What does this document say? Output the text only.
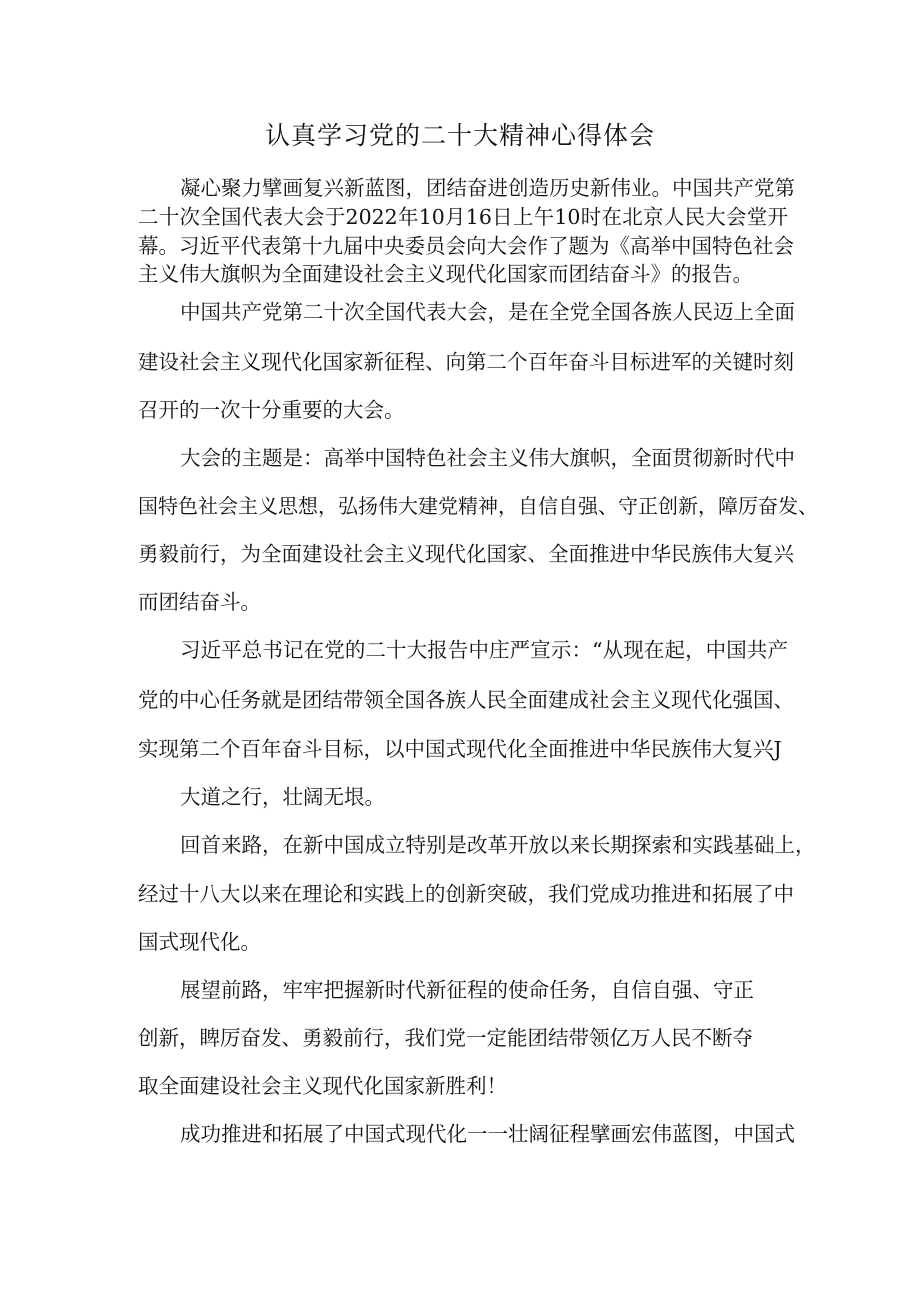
认真学习党的二十大精神心得体会
凝心聚力擘画复兴新蓝图，团结奋进创造历史新伟业。中国共产党第
二十次全国代表大会于2022年10月16日上午10时在北京人民大会堂开
幕。习近平代表第十九届中央委员会向大会作了题为《高举中国特色社会
主义伟大旗帜为全面建设社会主义现代化国家而团结奋斗》的报告。
中国共产党第二十次全国代表大会，是在全党全国各族人民迈上全面
建设社会主义现代化国家新征程、向第二个百年奋斗目标进军的关键时刻
召开的一次十分重要的大会。
大会的主题是：高举中国特色社会主义伟大旗帜，全面贯彻新时代中
国特色社会主义思想，弘扬伟大建党精神，自信自强、守正创新，障厉奋发、
勇毅前行，为全面建设社会主义现代化国家、全面推进中华民族伟大复兴
而团结奋斗。
习近平总书记在党的二十大报告中庄严宣示：“从现在起，中国共产
党的中心任务就是团结带领全国各族人民全面建成社会主义现代化强国、
实现第二个百年奋斗目标，以中国式现代化全面推进中华民族伟大复兴J
大道之行，壮阔无垠。
回首来路，在新中国成立特别是改革开放以来长期探索和实践基础上，
经过十八大以来在理论和实践上的创新突破，我们党成功推进和拓展了中
国式现代化。
展望前路，牢牢把握新时代新征程的使命任务，自信自强、守正
创新，睥厉奋发、勇毅前行，我们党一定能团结带领亿万人民不断夺
取全面建设社会主义现代化国家新胜利！
成功推进和拓展了中国式现代化一一壮阔征程擘画宏伟蓝图，中国式
